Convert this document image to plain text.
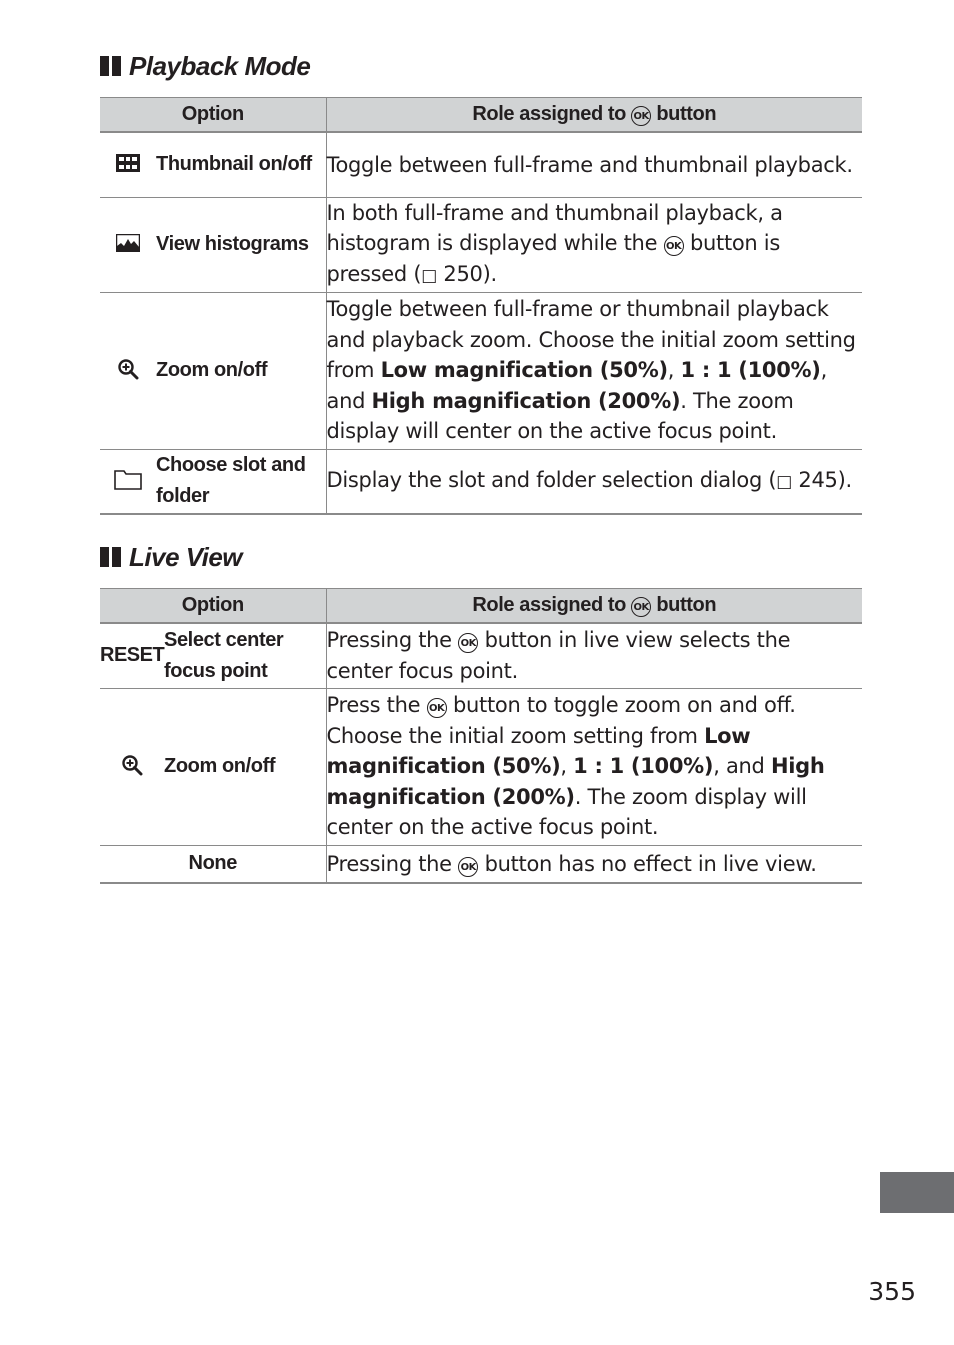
Playback Mode
Option		Role assigned to OK button
	Thumbnail on/off	Toggle between full-frame and thumbnail playback.
	View histograms	In both full-frame and thumbnail playback, a histogram is displayed while the OK button is pressed (□ 250).
	Zoom on/off	Toggle between full-frame or thumbnail playback and playback zoom. Choose the initial zoom setting from Low magnification (50%), 1 : 1 (100%), and High magnification (200%). The zoom display will center on the active focus point.
	Choose slot and folder	Display the slot and folder selection dialog (□ 245).
Live View
Option		Role assigned to OK button
RESET	Select center focus point	Pressing the OK button in live view selects the center focus point.
	Zoom on/off	Press the OK button to toggle zoom on and off. Choose the initial zoom setting from Low magnification (50%), 1 : 1 (100%), and High magnification (200%). The zoom display will center on the active focus point.
None		Pressing the OK button has no effect in live view.
355
